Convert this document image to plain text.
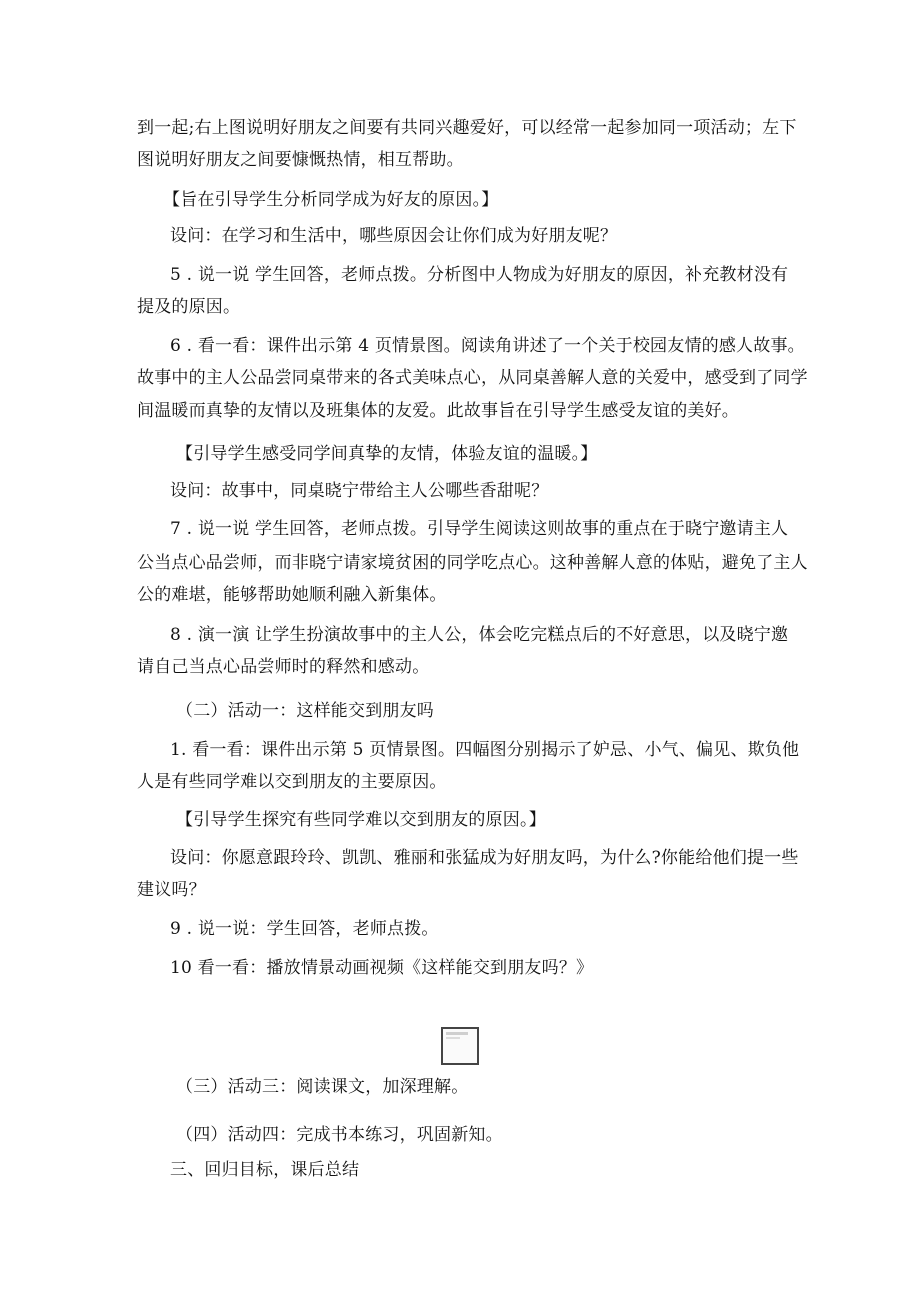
到一起;右上图说明好朋友之间要有共同兴趣爱好，可以经常一起参加同一项活动；左下
图说明好朋友之间要慷慨热情，相互帮助。
【旨在引导学生分析同学成为好友的原因。】
设问：在学习和生活中，哪些原因会让你们成为好朋友呢？
5 . 说一说 学生回答，老师点拨。分析图中人物成为好朋友的原因，补充教材没有
提及的原因。
6 . 看一看：课件出示第 4 页情景图。阅读角讲述了一个关于校园友情的感人故事。
故事中的主人公品尝同桌带来的各式美味点心，从同桌善解人意的关爱中，感受到了同学
间温暖而真挚的友情以及班集体的友爱。此故事旨在引导学生感受友谊的美好。
【引导学生感受同学间真挚的友情，体验友谊的温暖。】
设问：故事中，同桌晓宁带给主人公哪些香甜呢？
7 . 说一说 学生回答，老师点拨。引导学生阅读这则故事的重点在于晓宁邀请主人
公当点心品尝师，而非晓宁请家境贫困的同学吃点心。这种善解人意的体贴，避免了主人
公的难堪，能够帮助她顺利融入新集体。
8 . 演一演 让学生扮演故事中的主人公，体会吃完糕点后的不好意思，以及晓宁邀
请自己当点心品尝师时的释然和感动。
（二）活动一：这样能交到朋友吗
1. 看一看：课件出示第 5 页情景图。四幅图分别揭示了妒忌、小气、偏见、欺负他
人是有些同学难以交到朋友的主要原因。
【引导学生探究有些同学难以交到朋友的原因。】
设问：你愿意跟玲玲、凯凯、雅丽和张猛成为好朋友吗，为什么?你能给他们提一些
建议吗？
9 . 说一说：学生回答，老师点拨。
10 看一看：播放情景动画视频《这样能交到朋友吗？》
（三）活动三：阅读课文，加深理解。
（四）活动四：完成书本练习，巩固新知。
三、回归目标，课后总结
